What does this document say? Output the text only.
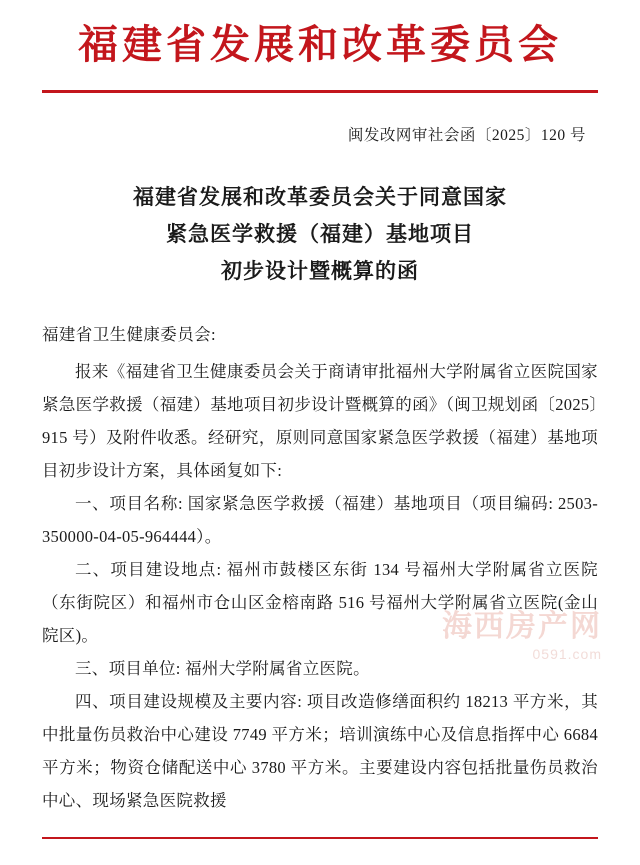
福建省发展和改革委员会
闽发改网审社会函〔2025〕120 号
福建省发展和改革委员会关于同意国家
紧急医学救援（福建）基地项目
初步设计暨概算的函
福建省卫生健康委员会:

报来《福建省卫生健康委员会关于商请审批福州大学附属省立医院国家紧急医学救援（福建）基地项目初步设计暨概算的函》（闽卫规划函〔2025〕915 号）及附件收悉。经研究，原则同意国家紧急医学救援（福建）基地项目初步设计方案，具体函复如下:

一、项目名称: 国家紧急医学救援（福建）基地项目（项目编码: 2503-350000-04-05-964444）。

二、项目建设地点: 福州市鼓楼区东街 134 号福州大学附属省立医院（东街院区）和福州市仓山区金榕南路 516 号福州大学附属省立医院(金山院区)。

三、项目单位: 福州大学附属省立医院。

四、项目建设规模及主要内容: 项目改造修缮面积约 18213 平方米，其中批量伤员救治中心建设 7749 平方米；培训演练中心及信息指挥中心 6684 平方米；物资仓储配送中心 3780 平方米。主要建设内容包括批量伤员救治中心、现场紧急医院救援

海西房产网
0591.com
